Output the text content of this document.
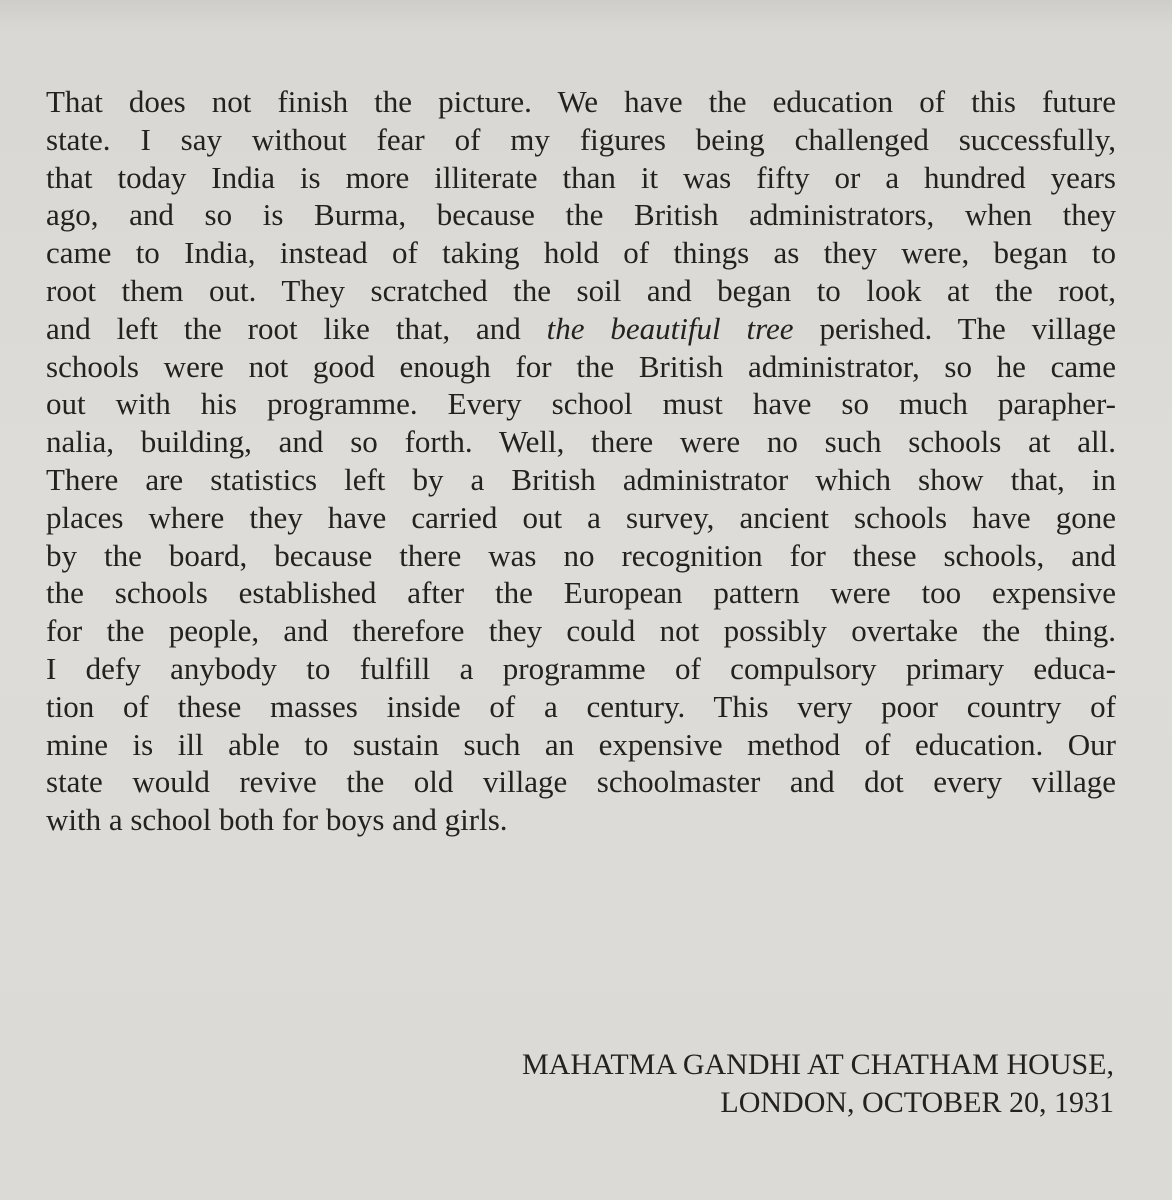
That does not finish the picture. We have the education of this future
state. I say without fear of my figures being challenged successfully,
that today India is more illiterate than it was fifty or a hundred years
ago, and so is Burma, because the British administrators, when they
came to India, instead of taking hold of things as they were, began to
root them out. They scratched the soil and began to look at the root,
and left the root like that, and the beautiful tree perished. The village
schools were not good enough for the British administrator, so he came
out with his programme. Every school must have so much parapher-
nalia, building, and so forth. Well, there were no such schools at all.
There are statistics left by a British administrator which show that, in
places where they have carried out a survey, ancient schools have gone
by the board, because there was no recognition for these schools, and
the schools established after the European pattern were too expensive
for the people, and therefore they could not possibly overtake the thing.
I defy anybody to fulfill a programme of compulsory primary educa-
tion of these masses inside of a century. This very poor country of
mine is ill able to sustain such an expensive method of education. Our
state would revive the old village schoolmaster and dot every village
with a school both for boys and girls.
MAHATMA GANDHI AT CHATHAM HOUSE,
LONDON, OCTOBER 20, 1931
